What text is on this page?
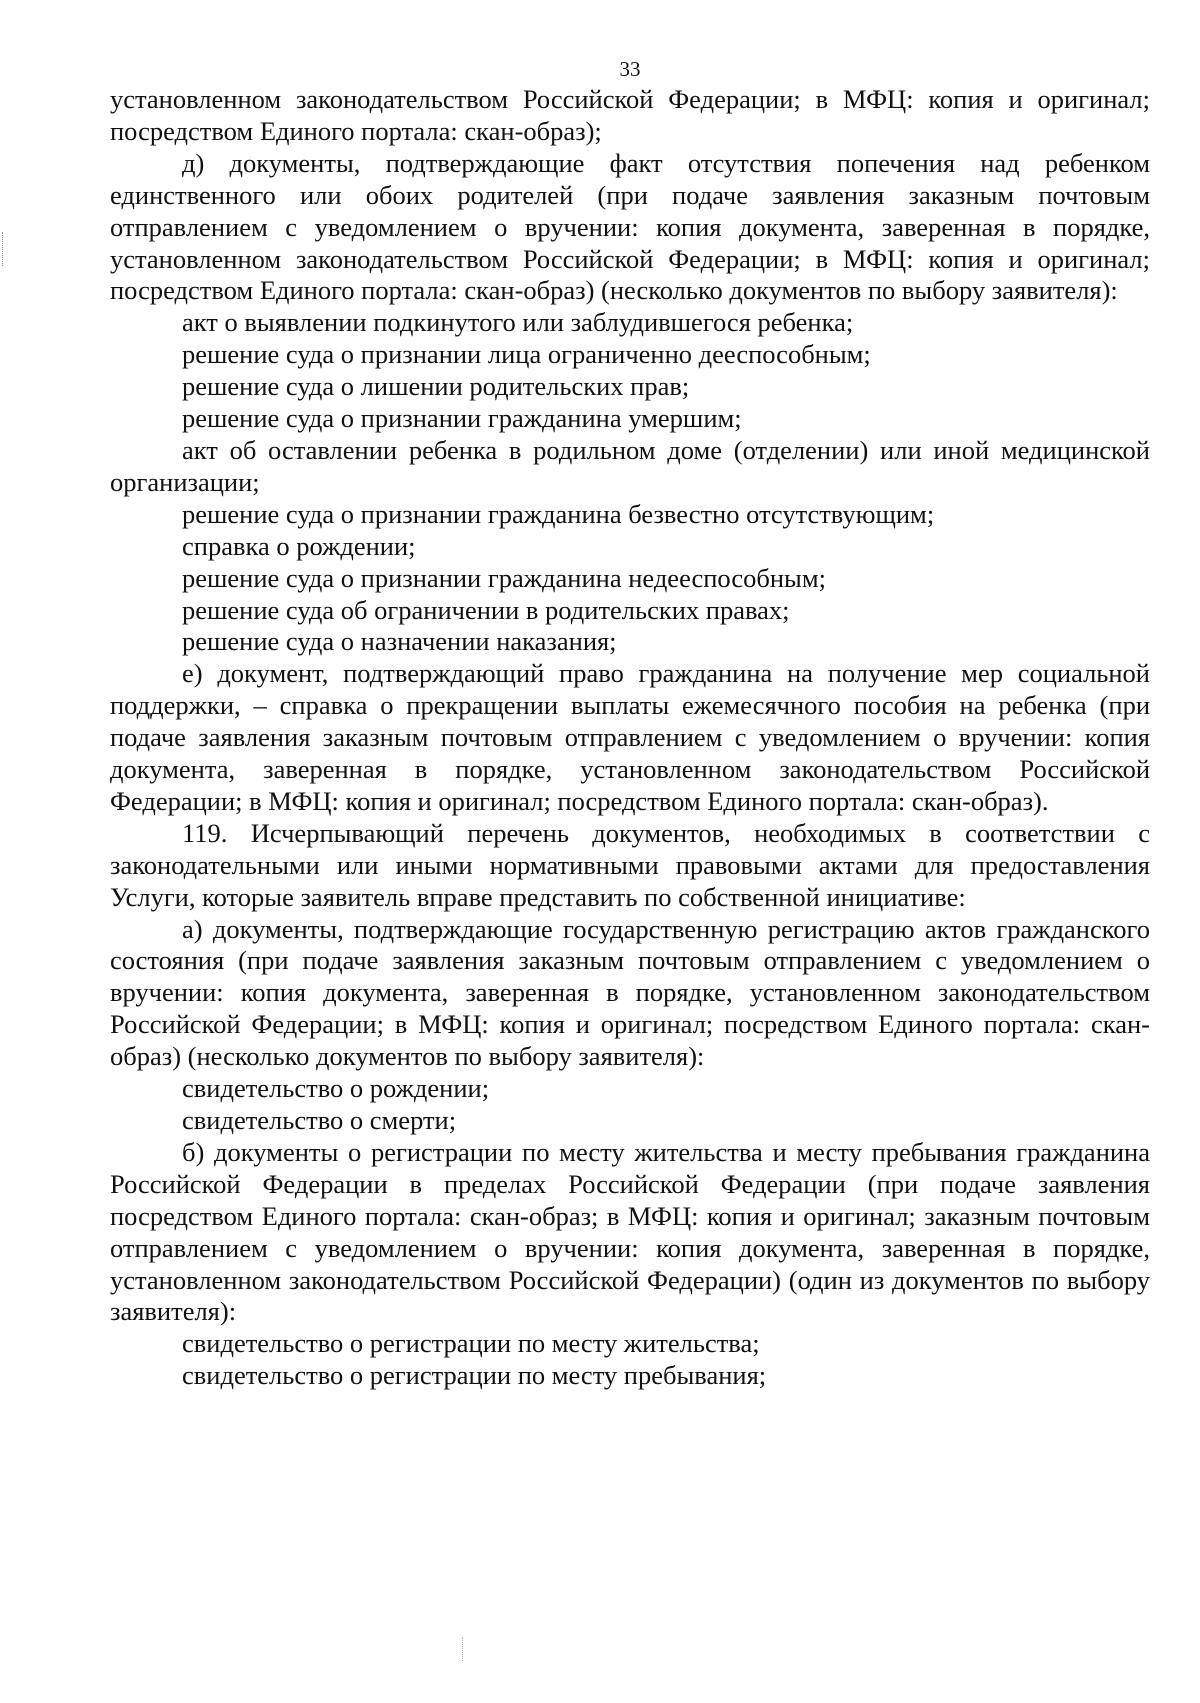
33

установленном законодательством Российской Федерации; в МФЦ: копия и оригинал; посредством Единого портала: скан-образ);

д) документы, подтверждающие факт отсутствия попечения над ребенком единственного или обоих родителей (при подаче заявления заказным почтовым отправлением с уведомлением о вручении: копия документа, заверенная в порядке, установленном законодательством Российской Федерации; в МФЦ: копия и оригинал; посредством Единого портала: скан-образ) (несколько документов по выбору заявителя):

акт о выявлении подкинутого или заблудившегося ребенка;

решение суда о признании лица ограниченно дееспособным;

решение суда о лишении родительских прав;

решение суда о признании гражданина умершим;

акт об оставлении ребенка в родильном доме (отделении) или иной медицинской организации;

решение суда о признании гражданина безвестно отсутствующим;

справка о рождении;

решение суда о признании гражданина недееспособным;

решение суда об ограничении в родительских правах;

решение суда о назначении наказания;

е) документ, подтверждающий право гражданина на получение мер социальной поддержки, – справка о прекращении выплаты ежемесячного пособия на ребенка (при подаче заявления заказным почтовым отправлением с уведомлением о вручении: копия документа, заверенная в порядке, установленном законодательством Российской Федерации; в МФЦ: копия и оригинал; посредством Единого портала: скан-образ).

119. Исчерпывающий перечень документов, необходимых в соответствии с законодательными или иными нормативными правовыми актами для предоставления Услуги, которые заявитель вправе представить по собственной инициативе:

а) документы, подтверждающие государственную регистрацию актов гражданского состояния (при подаче заявления заказным почтовым отправлением с уведомлением о вручении: копия документа, заверенная в порядке, установленном законодательством Российской Федерации; в МФЦ: копия и оригинал; посредством Единого портала: скан-образ) (несколько документов по выбору заявителя):

свидетельство о рождении;

свидетельство о смерти;

б) документы о регистрации по месту жительства и месту пребывания гражданина Российской Федерации в пределах Российской Федерации (при подаче заявления посредством Единого портала: скан-образ; в МФЦ: копия и оригинал; заказным почтовым отправлением с уведомлением о вручении: копия документа, заверенная в порядке, установленном законодательством Российской Федерации) (один из документов по выбору заявителя):

свидетельство о регистрации по месту жительства;

свидетельство о регистрации по месту пребывания;
